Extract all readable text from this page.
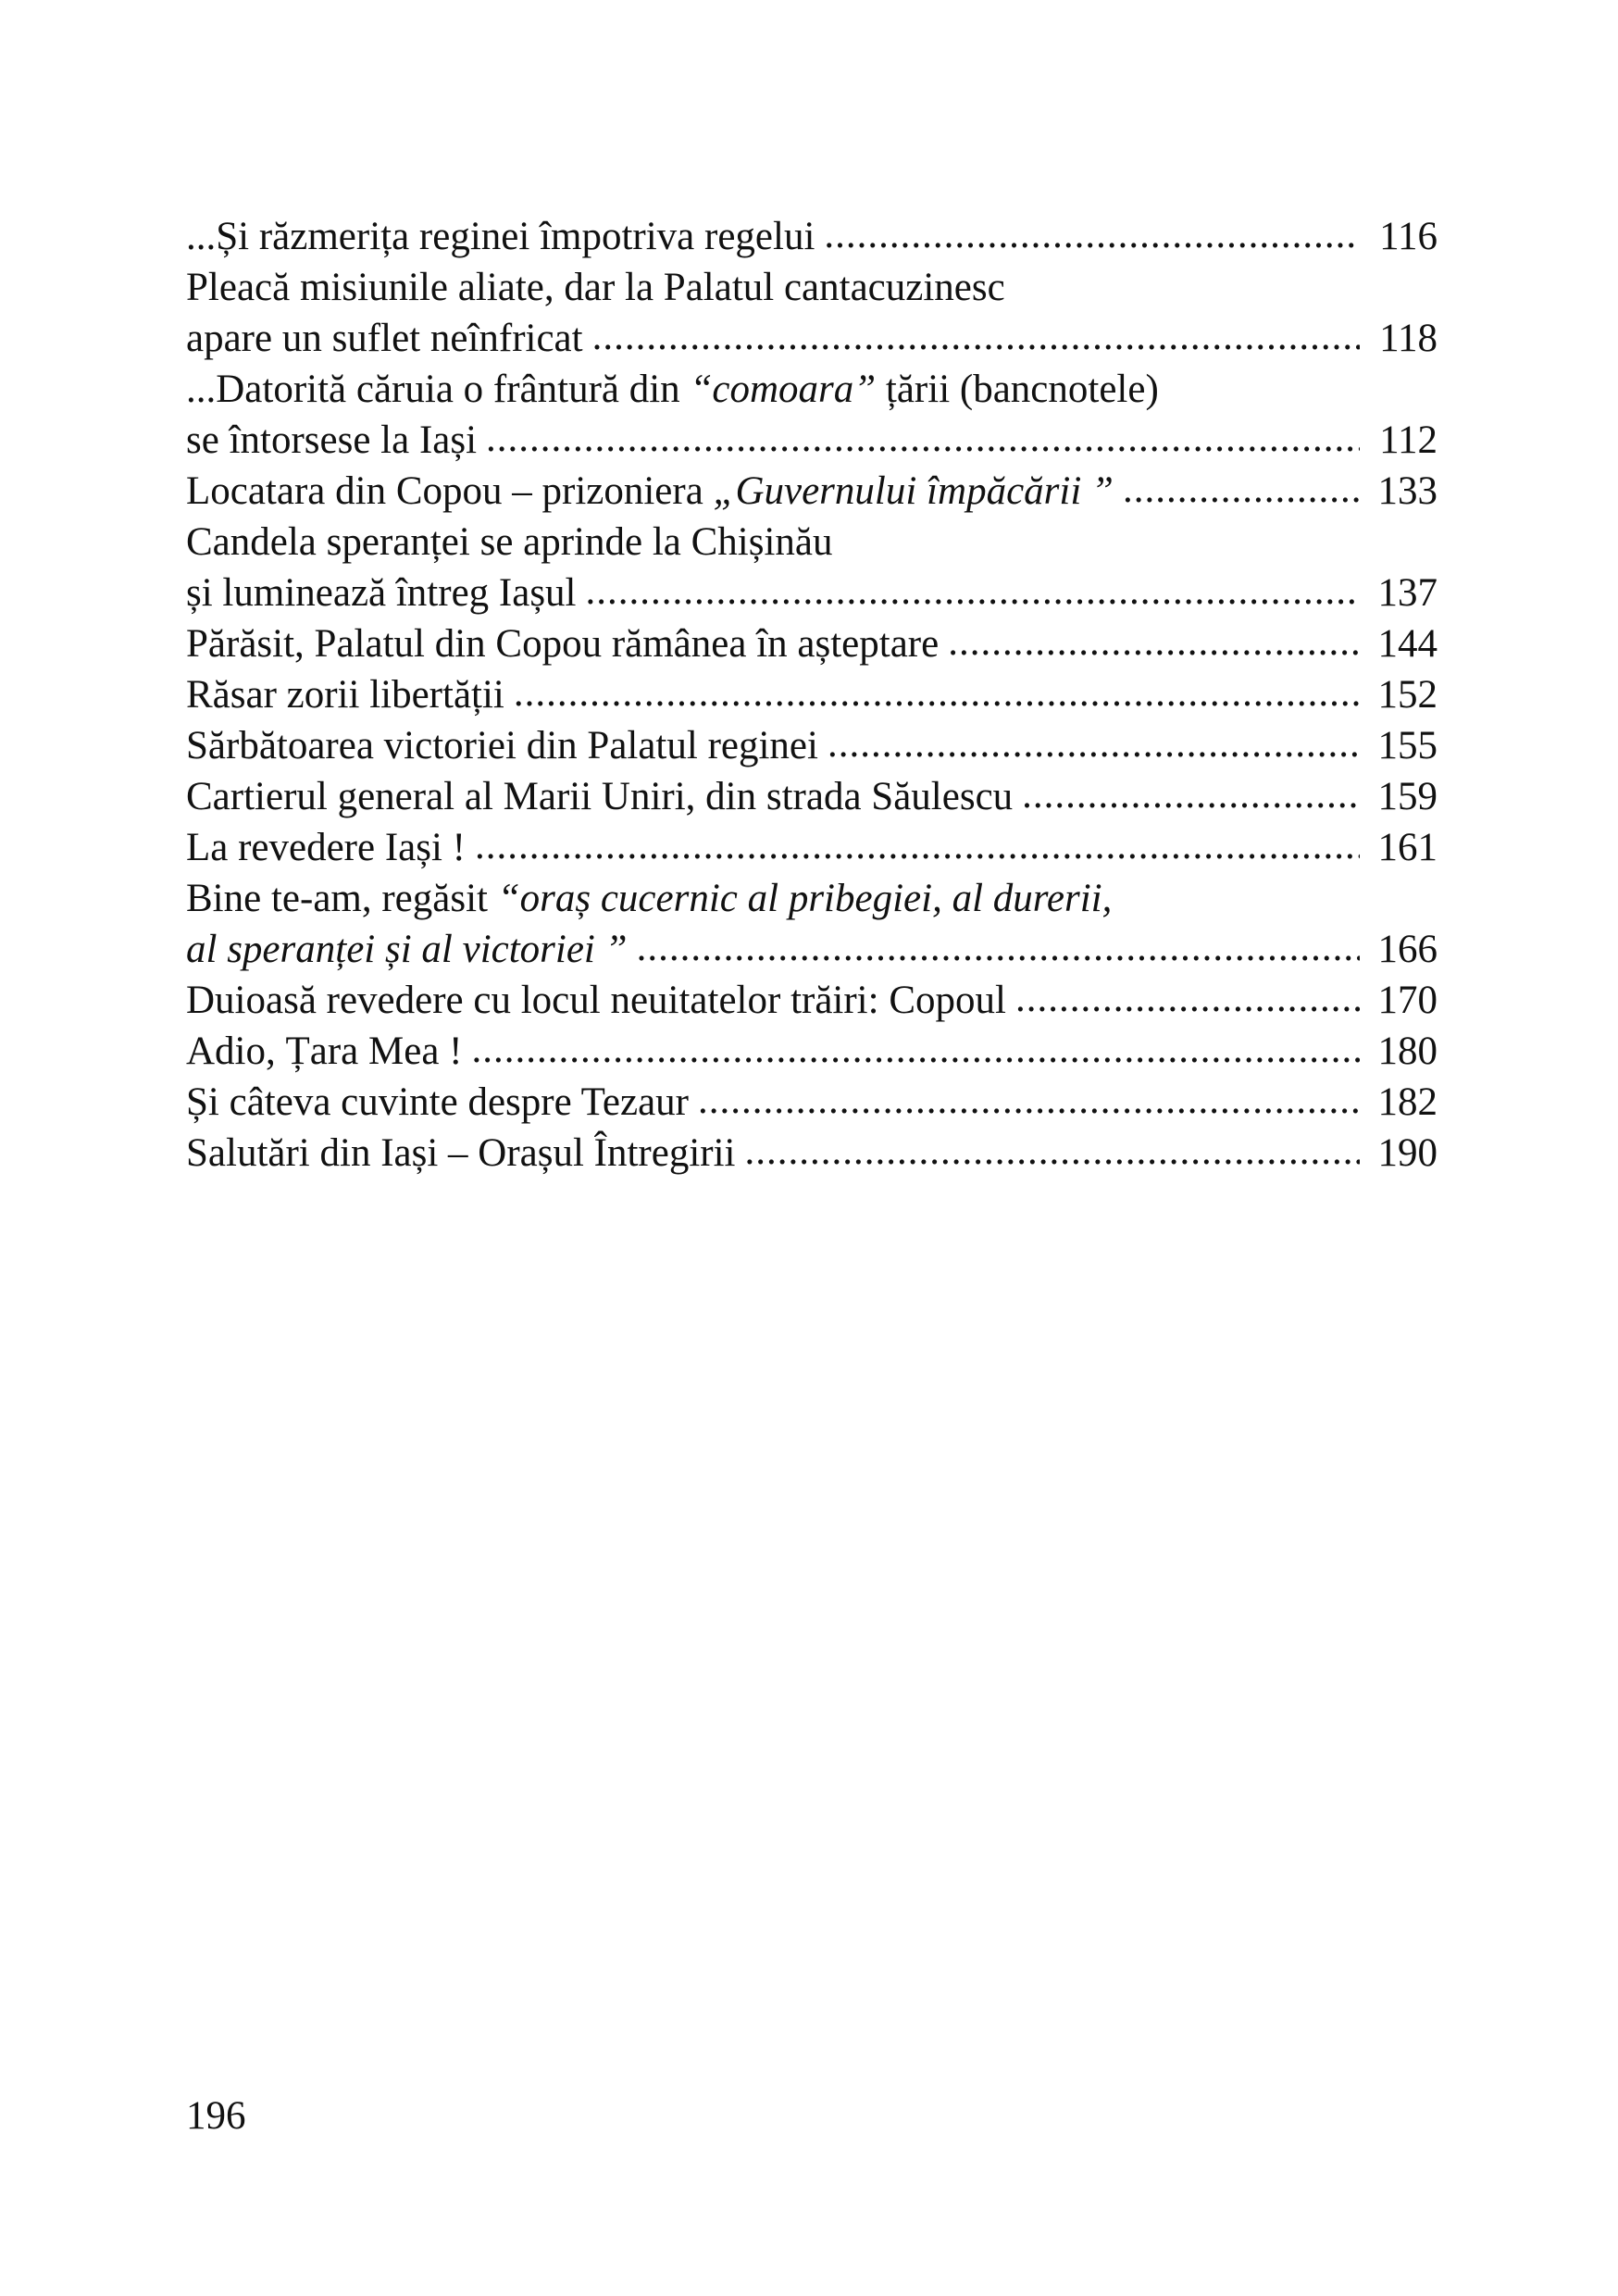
...Și răzmerița reginei împotriva regelui .....	116
Pleacă misiunile aliate, dar la Palatul cantacuzinesc
apare un suflet neînfricat .....	118
...Datorită căruia o frântură din “comoara” țării (bancnotele)
se întorsese la Iași .....	112
Locatara din Copou – prizoniera „Guvernului împăcării ” .....	133
Candela speranței se aprinde la Chișinău
și luminează întreg Iașul .....	137
Părăsit, Palatul din Copou rămânea în așteptare .....	144
Răsar zorii libertății .....	152
Sărbătoarea victoriei din Palatul reginei .....	155
Cartierul general al Marii Uniri, din strada Săulescu .....	159
La revedere Iași ! .....	161
Bine te-am, regăsit “oraș cucernic al pribegiei, al durerii,
al speranței și al victoriei ” .....	166
Duioasă revedere cu locul neuitatelor trăiri: Copoul .....	170
Adio, Țara Mea ! .....	180
Și câteva cuvinte despre Tezaur .....	182
Salutări din Iași – Orașul Întregirii .....	190
196
